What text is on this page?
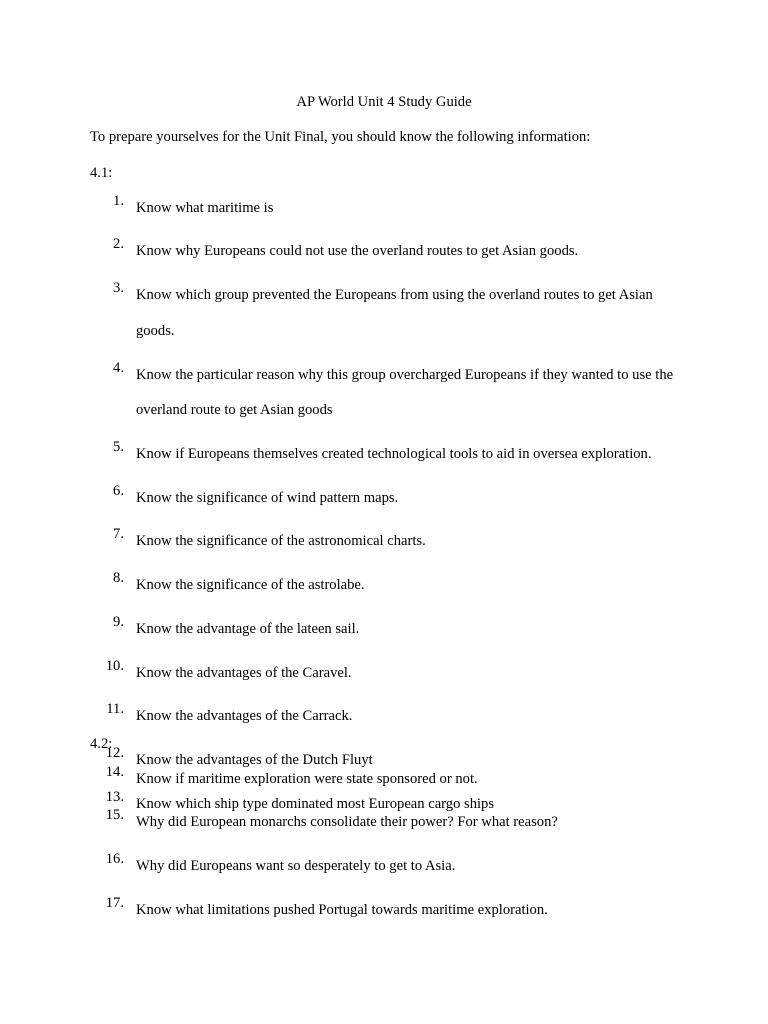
AP World Unit 4 Study Guide

To prepare yourselves for the Unit Final, you should know the following information:

4.1:

1. Know what maritime is
2. Know why Europeans could not use the overland routes to get Asian goods.
3. Know which group prevented the Europeans from using the overland routes to get Asian goods.
4. Know the particular reason why this group overcharged Europeans if they wanted to use the overland route to get Asian goods
5. Know if Europeans themselves created technological tools to aid in oversea exploration.
6. Know the significance of wind pattern maps.
7. Know the significance of the astronomical charts.
8. Know the significance of the astrolabe.
9. Know the advantage of the lateen sail.
10. Know the advantages of the Caravel.
11. Know the advantages of the Carrack.
12. Know the advantages of the Dutch Fluyt
13. Know which ship type dominated most European cargo ships

4.2:

14. Know if maritime exploration were state sponsored or not.
15. Why did European monarchs consolidate their power? For what reason?
16. Why did Europeans want so desperately to get to Asia.
17. Know what limitations pushed Portugal towards maritime exploration.
